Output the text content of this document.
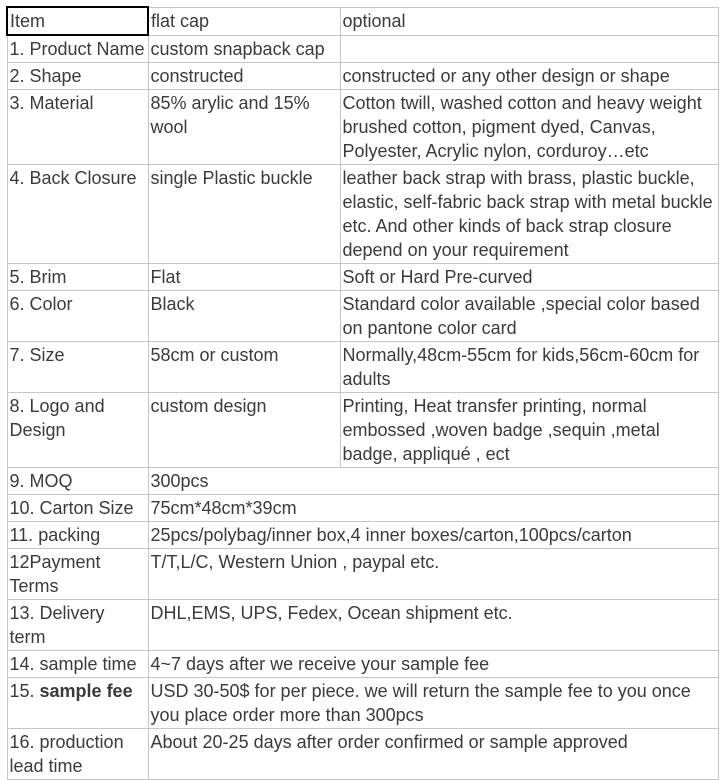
Item	flat cap	optional
1. Product Name	custom snapback cap	
2. Shape	constructed	constructed or any other design or shape
3. Material	85% arylic and 15% wool	Cotton twill, washed cotton and heavy weight brushed cotton, pigment dyed, Canvas, Polyester, Acrylic nylon, corduroy…etc
4. Back Closure	single Plastic buckle	leather back strap with brass, plastic buckle, elastic, self-fabric back strap with metal buckle etc. And other kinds of back strap closure depend on your requirement
5. Brim	Flat	Soft or Hard Pre-curved
6. Color	Black	Standard color available ,special color based on pantone color card
7. Size	58cm or custom	Normally,48cm-55cm for kids,56cm-60cm for adults
8. Logo and Design	custom design	Printing, Heat transfer printing, normal embossed ,woven badge ,sequin ,metal badge, appliqué , ect
9. MOQ	300pcs	
10. Carton Size	75cm*48cm*39cm	
11. packing	25pcs/polybag/inner box,4 inner boxes/carton,100pcs/carton	
12Payment Terms	T/T,L/C, Western Union , paypal etc.	
13. Delivery term	DHL,EMS, UPS, Fedex, Ocean shipment etc.	
14. sample time	4~7 days after we receive your sample fee	
15. sample fee	USD 30-50$ for per piece. we will return the sample fee to you once you place order more than 300pcs	
16. production lead time	About 20-25 days after order confirmed or sample approved	
